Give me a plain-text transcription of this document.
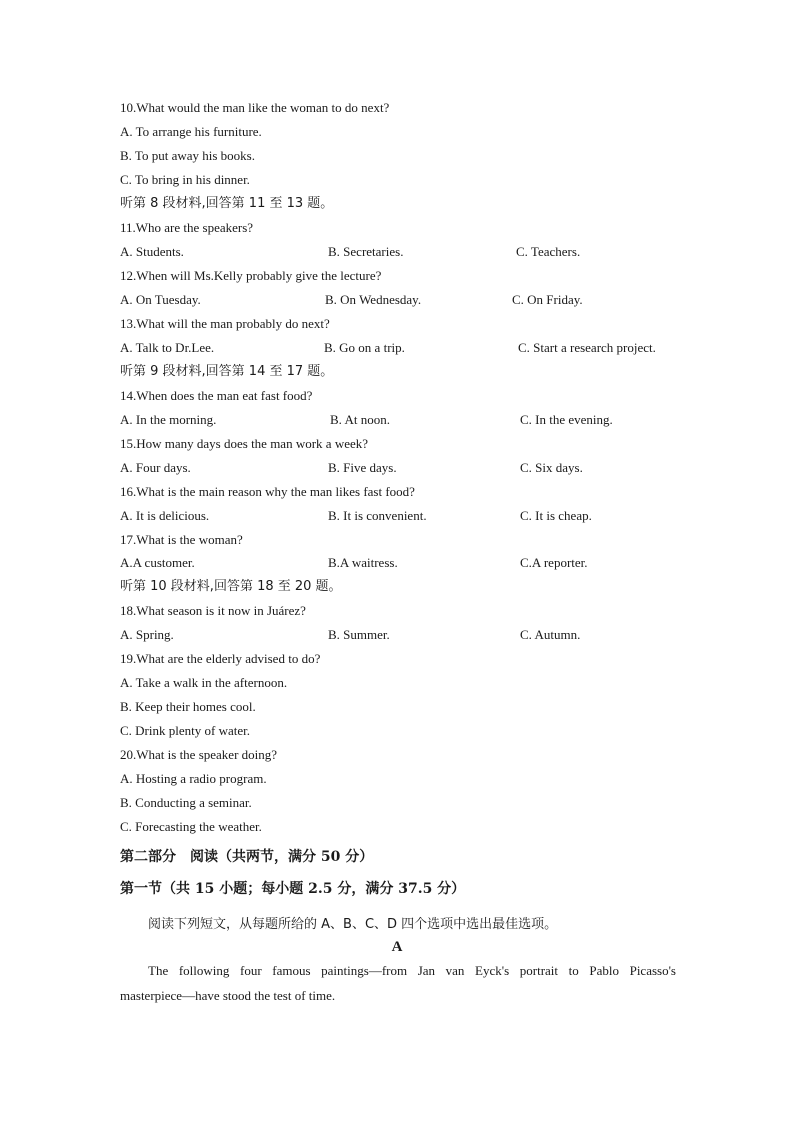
10.What would the man like the woman to do next?
A. To arrange his furniture.
B. To put away his books.
C. To bring in his dinner.
听第 8 段材料,回答第 11 至 13 题。
11.Who are the speakers?
A. Students.	B. Secretaries.	C. Teachers.
12.When will Ms.Kelly probably give the lecture?
A. On Tuesday.	B. On Wednesday.	C. On Friday.
13.What will the man probably do next?
A. Talk to Dr.Lee.	B. Go on a trip.	C. Start a research project.
听第 9 段材料,回答第 14 至 17 题。
14.When does the man eat fast food?
A. In the morning.	B. At noon.	C. In the evening.
15.How many days does the man work a week?
A. Four days.	B. Five days.	C. Six days.
16.What is the main reason why the man likes fast food?
A. It is delicious.	B. It is convenient.	C. It is cheap.
17.What is the woman?
A.A customer.	B.A waitress.	C.A reporter.
听第 10 段材料,回答第 18 至 20 题。
18.What season is it now in Juárez?
A. Spring.	B. Summer.	C. Autumn.
19.What are the elderly advised to do?
A. Take a walk in the afternoon.
B. Keep their homes cool.
C. Drink plenty of water.
20.What is the speaker doing?
A. Hosting a radio program.
B. Conducting a seminar.
C. Forecasting the weather.
第二部分　阅读（共两节，满分 50 分）
第一节（共 15 小题；每小题 2.5 分，满分 37.5 分）
阅读下列短文，从每题所给的 A、B、C、D 四个选项中选出最佳选项。
A
The following four famous paintings—from Jan van Eyck's portrait to Pablo Picasso's
masterpiece—have stood the test of time.
